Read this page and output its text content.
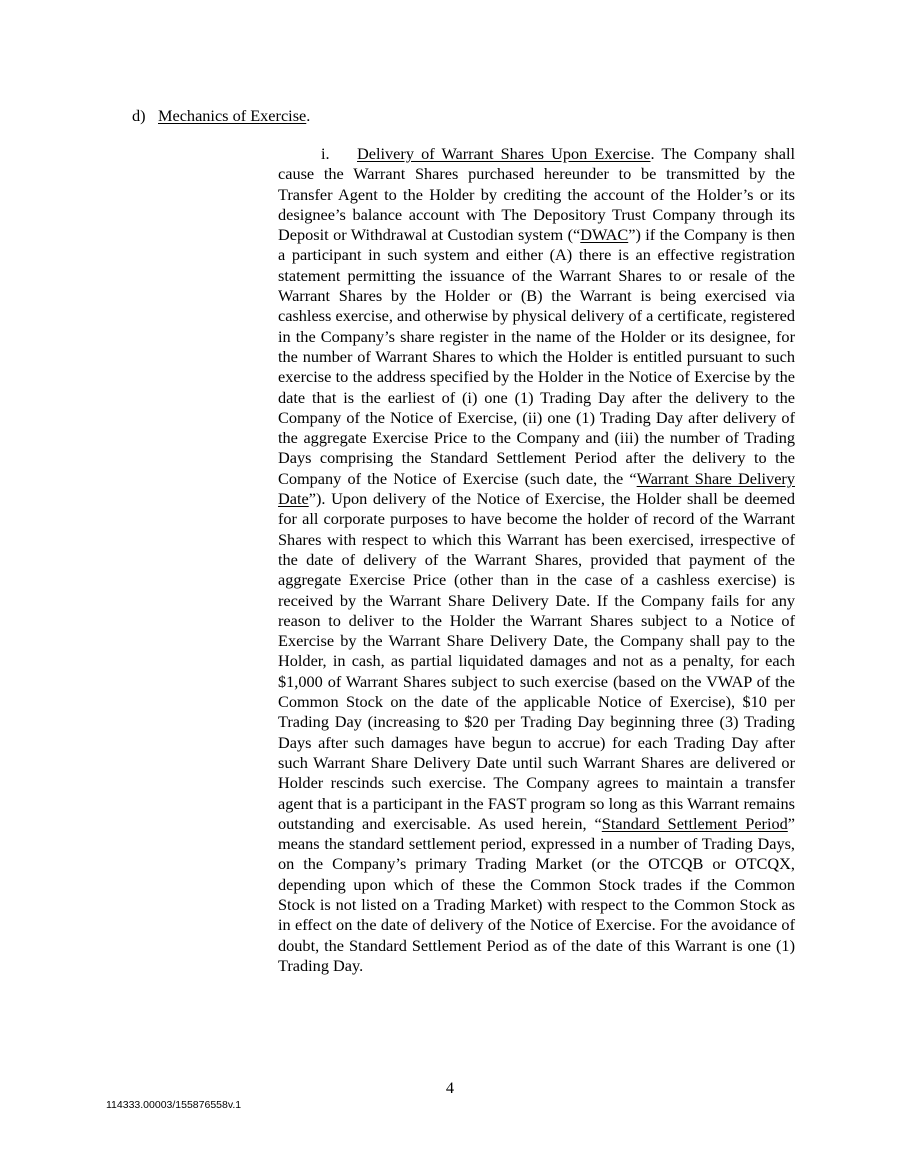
d) Mechanics of Exercise.
i. Delivery of Warrant Shares Upon Exercise. The Company shall cause the Warrant Shares purchased hereunder to be transmitted by the Transfer Agent to the Holder by crediting the account of the Holder’s or its designee’s balance account with The Depository Trust Company through its Deposit or Withdrawal at Custodian system (“DWAC”) if the Company is then a participant in such system and either (A) there is an effective registration statement permitting the issuance of the Warrant Shares to or resale of the Warrant Shares by the Holder or (B) the Warrant is being exercised via cashless exercise, and otherwise by physical delivery of a certificate, registered in the Company’s share register in the name of the Holder or its designee, for the number of Warrant Shares to which the Holder is entitled pursuant to such exercise to the address specified by the Holder in the Notice of Exercise by the date that is the earliest of (i) one (1) Trading Day after the delivery to the Company of the Notice of Exercise, (ii) one (1) Trading Day after delivery of the aggregate Exercise Price to the Company and (iii) the number of Trading Days comprising the Standard Settlement Period after the delivery to the Company of the Notice of Exercise (such date, the “Warrant Share Delivery Date”). Upon delivery of the Notice of Exercise, the Holder shall be deemed for all corporate purposes to have become the holder of record of the Warrant Shares with respect to which this Warrant has been exercised, irrespective of the date of delivery of the Warrant Shares, provided that payment of the aggregate Exercise Price (other than in the case of a cashless exercise) is received by the Warrant Share Delivery Date. If the Company fails for any reason to deliver to the Holder the Warrant Shares subject to a Notice of Exercise by the Warrant Share Delivery Date, the Company shall pay to the Holder, in cash, as partial liquidated damages and not as a penalty, for each $1,000 of Warrant Shares subject to such exercise (based on the VWAP of the Common Stock on the date of the applicable Notice of Exercise), $10 per Trading Day (increasing to $20 per Trading Day beginning three (3) Trading Days after such damages have begun to accrue) for each Trading Day after such Warrant Share Delivery Date until such Warrant Shares are delivered or Holder rescinds such exercise. The Company agrees to maintain a transfer agent that is a participant in the FAST program so long as this Warrant remains outstanding and exercisable. As used herein, “Standard Settlement Period” means the standard settlement period, expressed in a number of Trading Days, on the Company’s primary Trading Market (or the OTCQB or OTCQX, depending upon which of these the Common Stock trades if the Common Stock is not listed on a Trading Market) with respect to the Common Stock as in effect on the date of delivery of the Notice of Exercise. For the avoidance of doubt, the Standard Settlement Period as of the date of this Warrant is one (1) Trading Day.
4
114333.00003/155876558v.1
